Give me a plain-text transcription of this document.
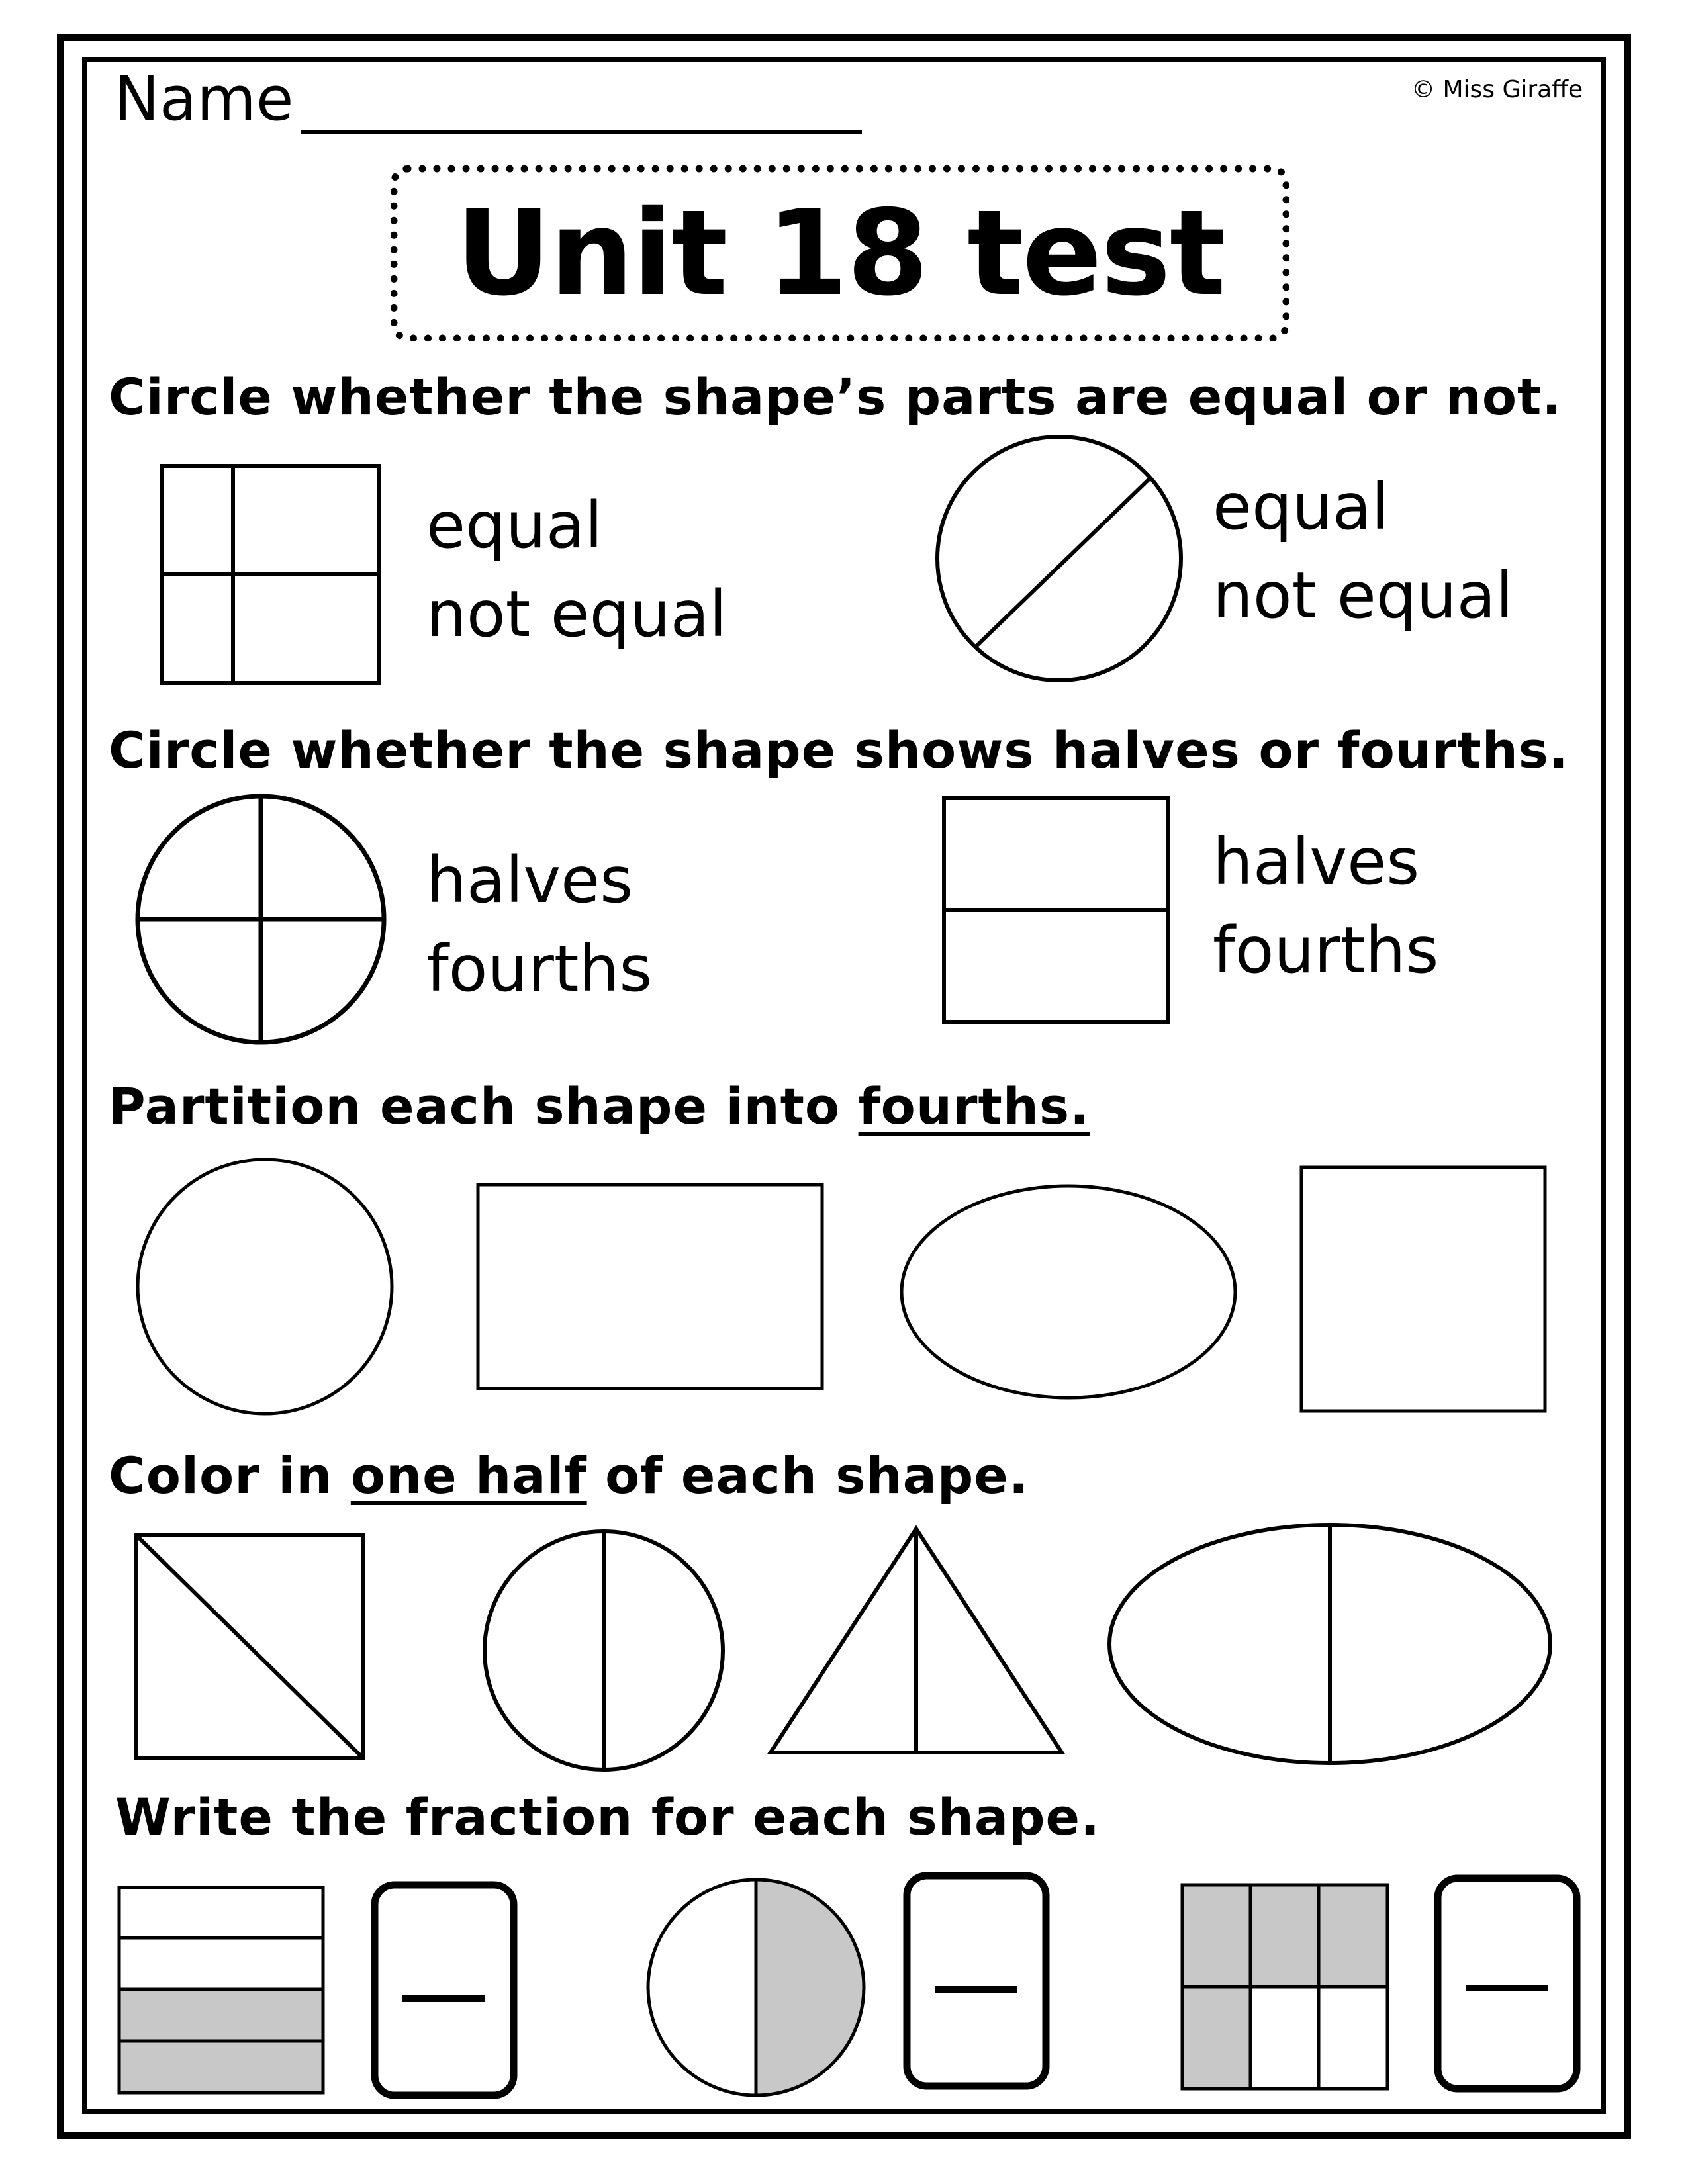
Name	© Miss Giraffe
Unit 18 test
Circle whether the shape’s parts are equal or not.
equal
not equal
equal
not equal
Circle whether the shape shows halves or fourths.
halves
fourths
halves
fourths
Partition each shape into fourths.
Color in one half of each shape.
Write the fraction for each shape.
